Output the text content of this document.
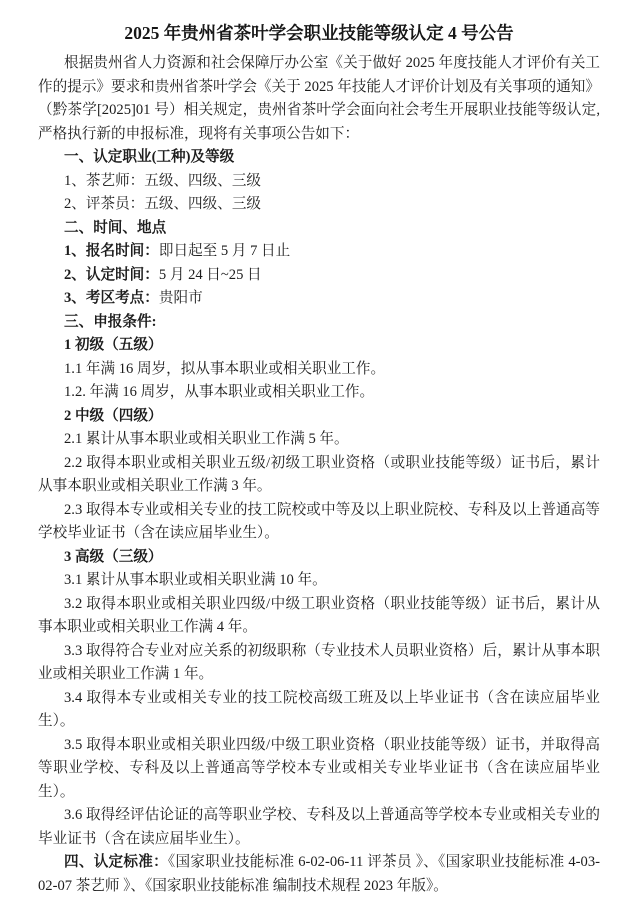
2025 年贵州省茶叶学会职业技能等级认定 4 号公告

根据贵州省人力资源和社会保障厅办公室《关于做好 2025 年度技能人才评价有关工作的提示》要求和贵州省茶叶学会《关于 2025 年技能人才评价计划及有关事项的通知》（黔茶学[2025]01 号）相关规定，贵州省茶叶学会面向社会考生开展职业技能等级认定,严格执行新的申报标准，现将有关事项公告如下：

一、认定职业(工种)及等级

1、茶艺师：五级、四级、三级

2、评茶员：五级、四级、三级

二、时间、地点

1、报名时间：即日起至 5 月 7 日止

2、认定时间：5 月 24 日~25 日

3、考区考点：贵阳市

三、申报条件:

1 初级（五级）

1.1 年满 16 周岁，拟从事本职业或相关职业工作。

1.2. 年满 16 周岁，从事本职业或相关职业工作。

2 中级（四级）

2.1 累计从事本职业或相关职业工作满 5 年。

2.2 取得本职业或相关职业五级/初级工职业资格（或职业技能等级）证书后，累计从事本职业或相关职业工作满 3 年。

2.3 取得本专业或相关专业的技工院校或中等及以上职业院校、专科及以上普通高等学校毕业证书（含在读应届毕业生）。

3 高级（三级）

3.1 累计从事本职业或相关职业满 10 年。

3.2 取得本职业或相关职业四级/中级工职业资格（职业技能等级）证书后，累计从事本职业或相关职业工作满 4 年。

3.3 取得符合专业对应关系的初级职称（专业技术人员职业资格）后，累计从事本职业或相关职业工作满 1 年。

3.4 取得本专业或相关专业的技工院校高级工班及以上毕业证书（含在读应届毕业生）。

3.5 取得本职业或相关职业四级/中级工职业资格（职业技能等级）证书，并取得高等职业学校、专科及以上普通高等学校本专业或相关专业毕业证书（含在读应届毕业生）。

3.6 取得经评估论证的高等职业学校、专科及以上普通高等学校本专业或相关专业的毕业证书（含在读应届毕业生）。

四、认定标准：《国家职业技能标准 6-02-06-11 评茶员 》、《国家职业技能标准 4-03-02-07 茶艺师 》、《国家职业技能标准 编制技术规程 2023 年版》。
